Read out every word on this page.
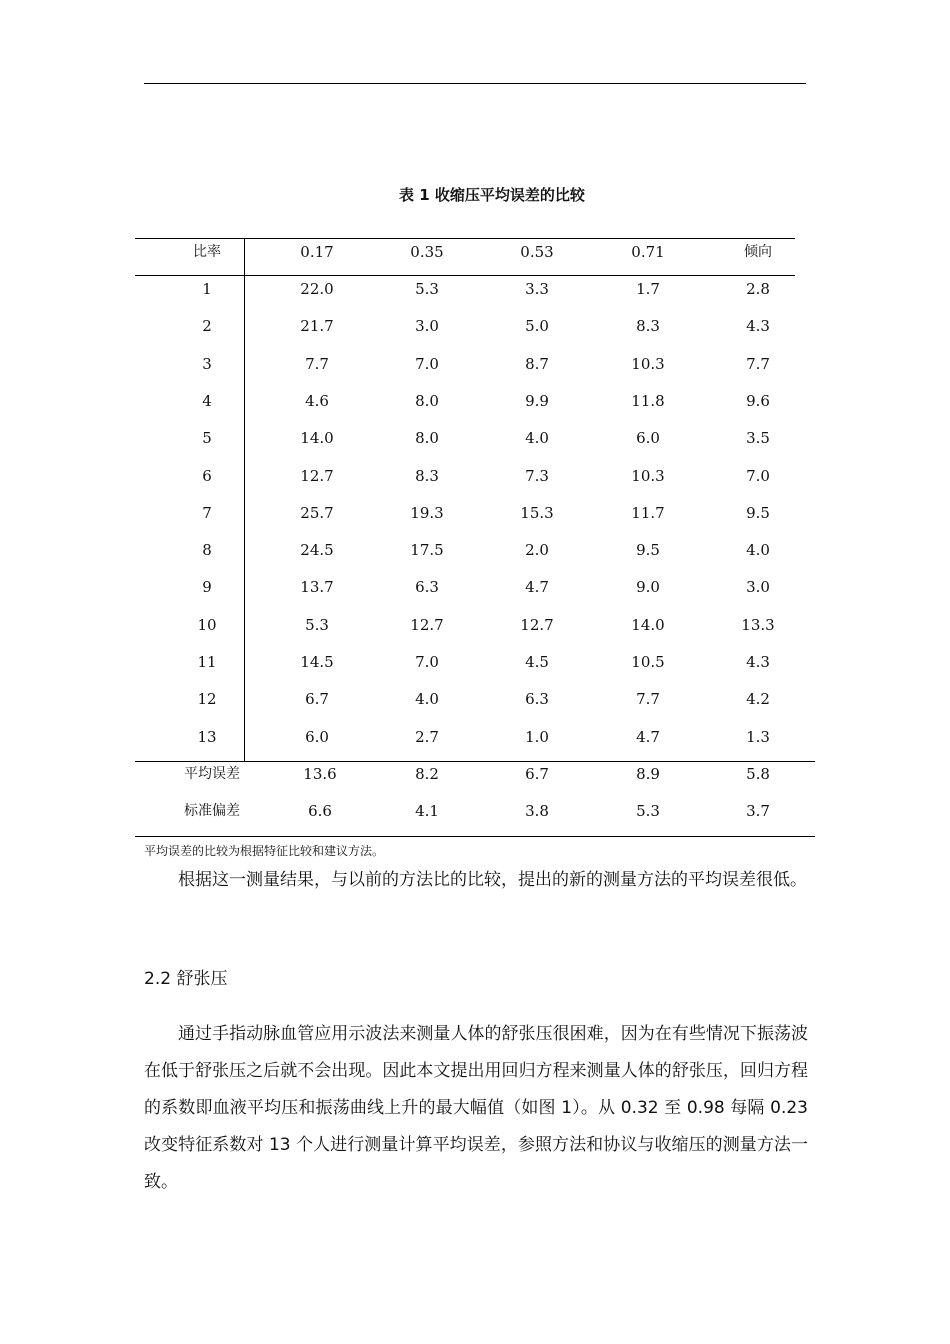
表 1 收缩压平均误差的比较
比率	0.17	0.35	0.53	0.71	倾向
1	22.0	5.3	3.3	1.7	2.8
2	21.7	3.0	5.0	8.3	4.3
3	7.7	7.0	8.7	10.3	7.7
4	4.6	8.0	9.9	11.8	9.6
5	14.0	8.0	4.0	6.0	3.5
6	12.7	8.3	7.3	10.3	7.0
7	25.7	19.3	15.3	11.7	9.5
8	24.5	17.5	2.0	9.5	4.0
9	13.7	6.3	4.7	9.0	3.0
10	5.3	12.7	12.7	14.0	13.3
11	14.5	7.0	4.5	10.5	4.3
12	6.7	4.0	6.3	7.7	4.2
13	6.0	2.7	1.0	4.7	1.3
平均误差	13.6	8.2	6.7	8.9	5.8
标准偏差	6.6	4.1	3.8	5.3	3.7
平均误差的比较为根据特征比较和建议方法。
根据这一测量结果，与以前的方法比的比较，提出的新的测量方法的平均误差很低。
2.2 舒张压
通过手指动脉血管应用示波法来测量人体的舒张压很困难，因为在有些情况下振荡波在低于舒张压之后就不会出现。因此本文提出用回归方程来测量人体的舒张压，回归方程的系数即血液平均压和振荡曲线上升的最大幅值（如图 1）。从 0.32 至 0.98 每隔 0.23 改变特征系数对 13 个人进行测量计算平均误差，参照方法和协议与收缩压的测量方法一致。
